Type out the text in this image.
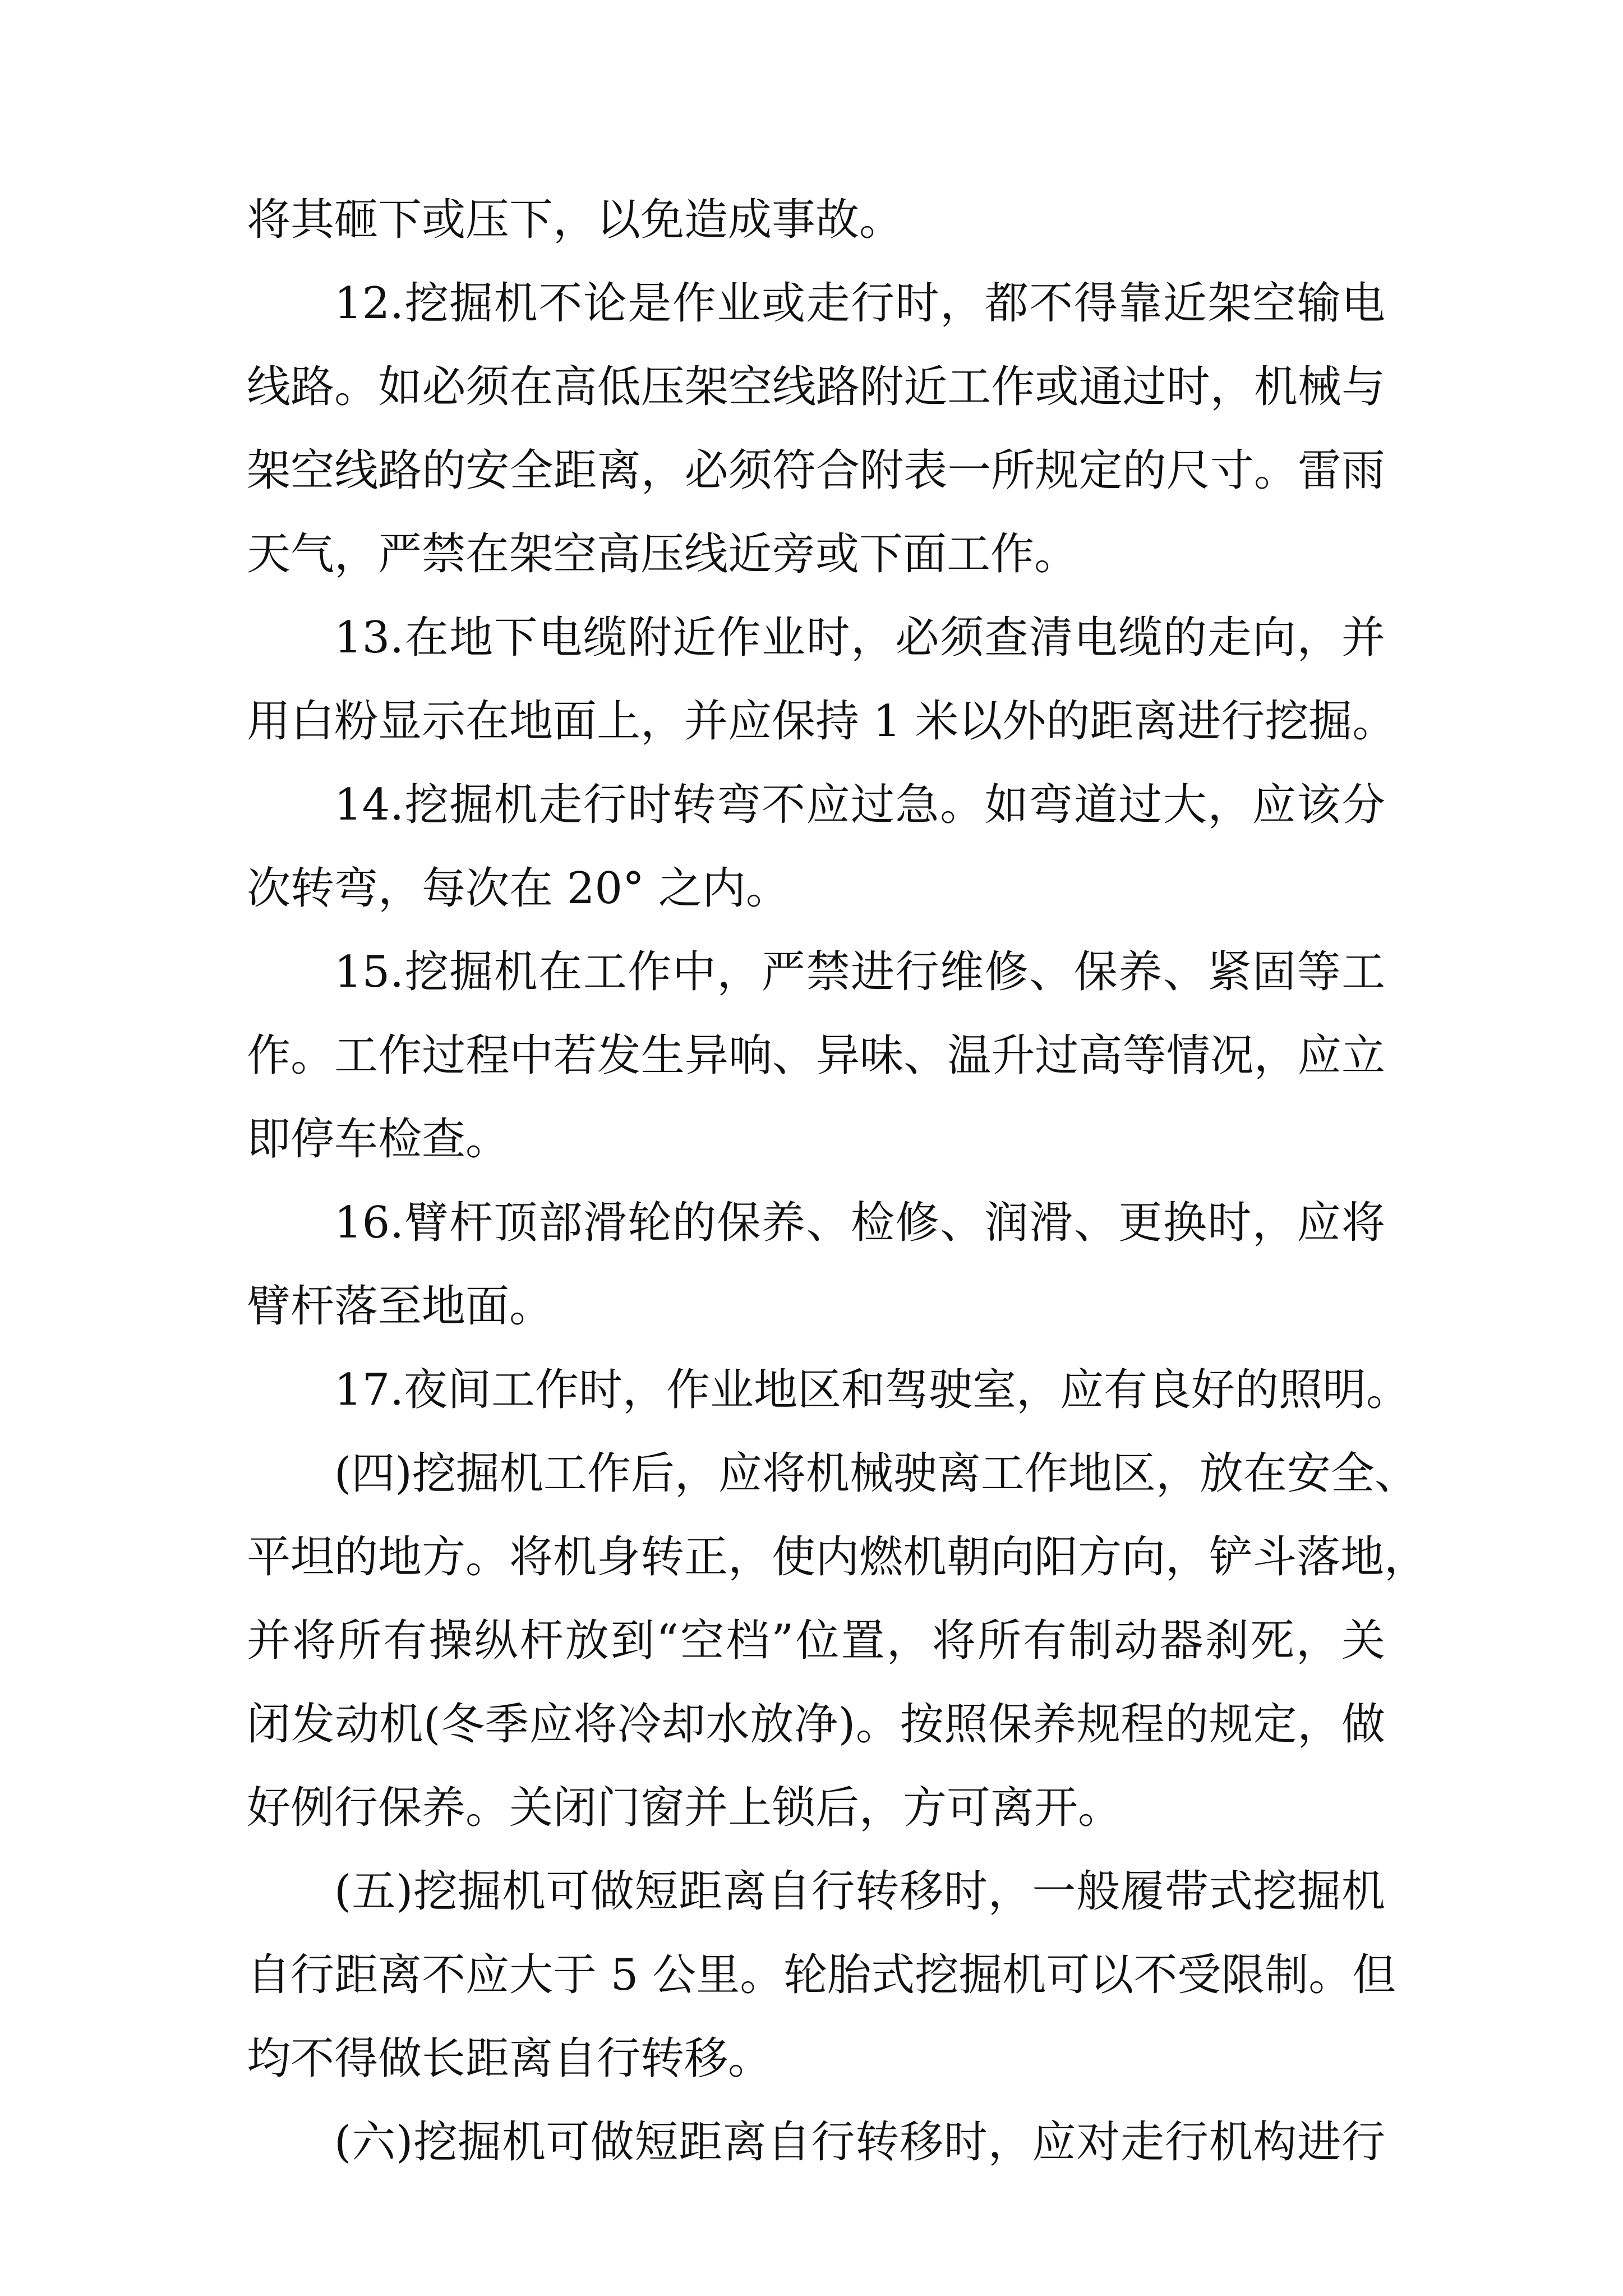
将其砸下或压下，以免造成事故。
12.挖掘机不论是作业或走行时，都不得靠近架空输电
线路。如必须在高低压架空线路附近工作或通过时，机械与
架空线路的安全距离，必须符合附表一所规定的尺寸。雷雨
天气，严禁在架空高压线近旁或下面工作。
13.在地下电缆附近作业时，必须查清电缆的走向，并
用白粉显示在地面上，并应保持 1 米以外的距离进行挖掘。
14.挖掘机走行时转弯不应过急。如弯道过大，应该分
次转弯，每次在 20° 之内。
15.挖掘机在工作中，严禁进行维修、保养、紧固等工
作。工作过程中若发生异响、异味、温升过高等情况，应立
即停车检查。
16.臂杆顶部滑轮的保养、检修、润滑、更换时，应将
臂杆落至地面。
17.夜间工作时，作业地区和驾驶室，应有良好的照明。
(四)挖掘机工作后，应将机械驶离工作地区，放在安全、
平坦的地方。将机身转正，使内燃机朝向阳方向，铲斗落地，
并将所有操纵杆放到“空档”位置，将所有制动器刹死，关
闭发动机(冬季应将冷却水放净)。按照保养规程的规定，做
好例行保养。关闭门窗并上锁后，方可离开。
(五)挖掘机可做短距离自行转移时，一般履带式挖掘机
自行距离不应大于 5 公里。轮胎式挖掘机可以不受限制。但
均不得做长距离自行转移。
(六)挖掘机可做短距离自行转移时，应对走行机构进行
